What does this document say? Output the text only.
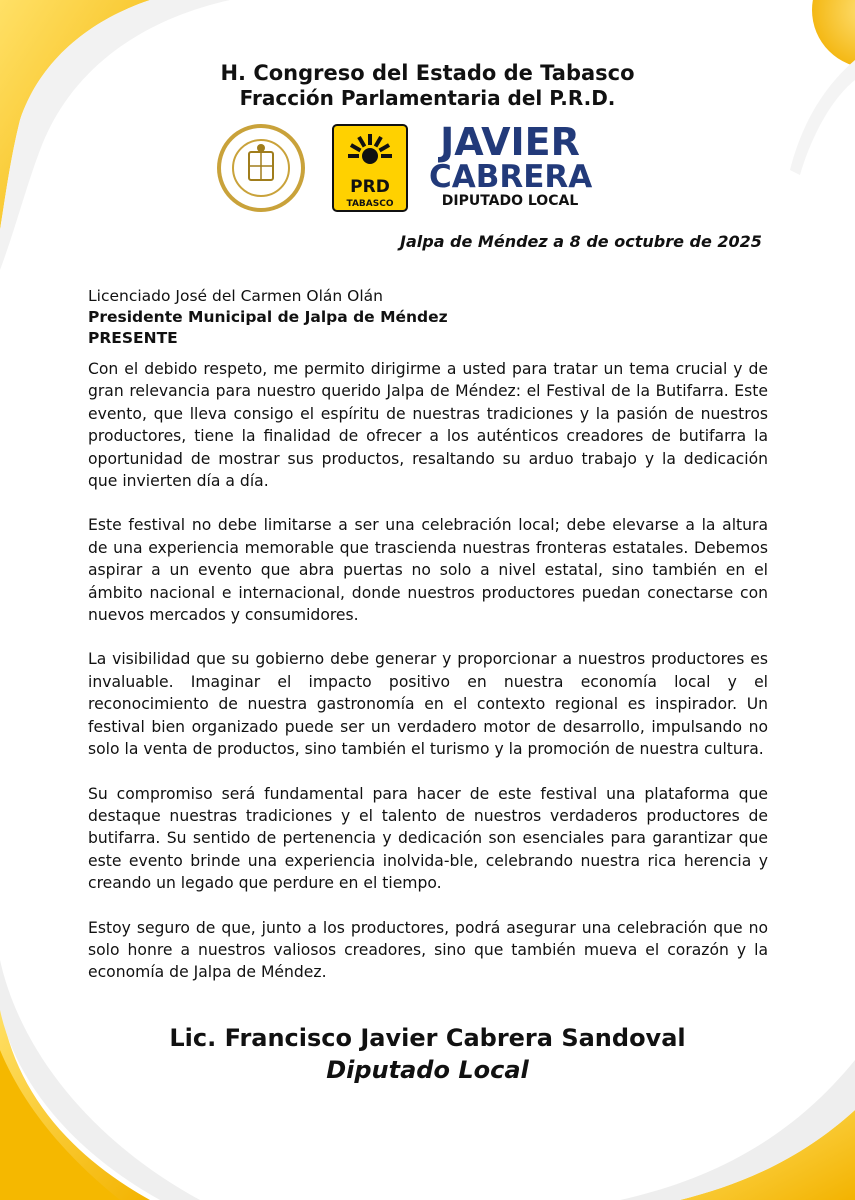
H. Congreso del Estado de Tabasco
Fracción Parlamentaria del P.R.D.
PRD
TABASCO
JAVIER
CABRERA
DIPUTADO LOCAL
Jalpa de Méndez a 8 de octubre de 2025
Licenciado José del Carmen Olán Olán
Presidente Municipal de Jalpa de Méndez
PRESENTE

Con el debido respeto, me permito dirigirme a usted para tratar un tema crucial y de gran relevancia para nuestro querido Jalpa de Méndez: el Festival de la Butifarra. Este evento, que lleva consigo el espíritu de nuestras tradiciones y la pasión de nuestros productores, tiene la finalidad de ofrecer a los auténticos creadores de butifarra la oportunidad de mostrar sus productos, resaltando su arduo trabajo y la dedicación que invierten día a día.

Este festival no debe limitarse a ser una celebración local; debe elevarse a la altura de una experiencia memorable que trascienda nuestras fronteras estatales. Debemos aspirar a un evento que abra puertas no solo a nivel estatal, sino también en el ámbito nacional e internacional, donde nuestros productores puedan conectarse con nuevos mercados y consumidores.

La visibilidad que su gobierno debe generar y proporcionar a nuestros productores es invaluable. Imaginar el impacto positivo en nuestra economía local y el reconocimiento de nuestra gastronomía en el contexto regional es inspirador. Un festival bien organizado puede ser un verdadero motor de desarrollo, impulsando no solo la venta de productos, sino también el turismo y la promoción de nuestra cultura.

Su compromiso será fundamental para hacer de este festival una plataforma que destaque nuestras tradiciones y el talento de nuestros verdaderos productores de butifarra. Su sentido de pertenencia y dedicación son esenciales para garantizar que este evento brinde una experiencia inolvida-ble, celebrando nuestra rica herencia y creando un legado que perdure en el tiempo.

Estoy seguro de que, junto a los productores, podrá asegurar una celebración que no solo honre a nuestros valiosos creadores, sino que también mueva el corazón y la economía de Jalpa de Méndez.

Lic. Francisco Javier Cabrera Sandoval
Diputado Local
